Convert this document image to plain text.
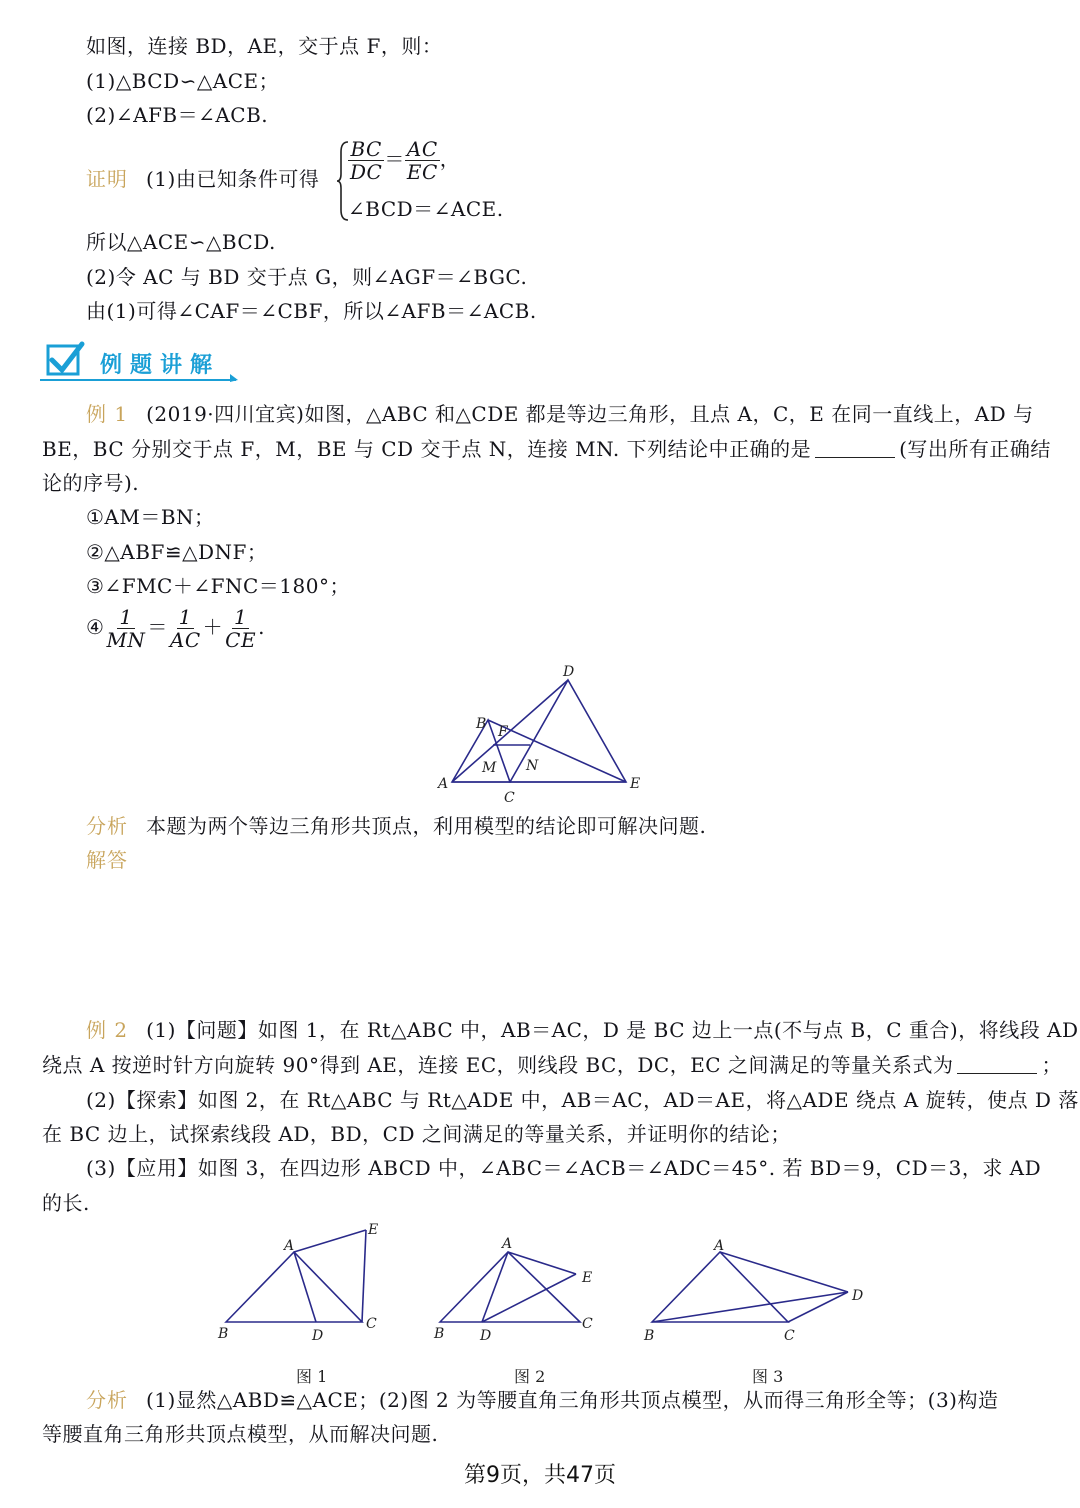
如图，连接 BD，AE，交于点 F，则：
(1)△BCD∽△ACE；
(2)∠AFB＝∠ACB.
证明 (1)由已知条件可得 $\frac{BC}{DC} = \frac{AC}{EC}$ ，
∠BCD＝∠ACE.
所以△ACE∽△BCD.
(2)令 AC 与 BD 交于点 G，则∠AGF＝∠BGC.
由(1)可得∠CAF＝∠CBF，所以∠AFB＝∠ACB.
例题讲解
例 1 (2019·四川宜宾)如图，△ABC 和△CDE 都是等边三角形，且点 A，C，E 在同一直线上，AD 与
BE，BC 分别交于点 F，M，BE 与 CD 交于点 N，连接 MN. 下列结论中正确的是	(写出所有正确结
论的序号).
①AM＝BN；
②△ABF≌△DNF；
③∠FMC＋∠FNC＝180°；
④ $\frac{1}{MN} = \frac{1}{AC} + \frac{1}{CE}$ .
D
B F
M N
A
C
E
分析 本题为两个等边三角形共顶点，利用模型的结论即可解决问题.
解答
例 2 (1)【问题】如图 1，在 Rt△ABC 中，AB＝AC，D 是 BC 边上一点(不与点 B，C 重合)，将线段 AD
绕点 A 按逆时针方向旋转 90°得到 AE，连接 EC，则线段 BC，DC，EC 之间满足的等量关系式为	；
(2)【探索】如图 2，在 Rt△ABC 与 Rt△ADE 中，AB＝AC，AD＝AE，将△ADE 绕点 A 旋转，使点 D 落
在 BC 边上，试探索线段 AD，BD，CD 之间满足的等量关系，并证明你的结论；
(3)【应用】如图 3，在四边形 ABCD 中，∠ABC＝∠ACB＝∠ADC＝45°. 若 BD＝9，CD＝3，求 AD
的长.
A
E
B	D
C
A
E
B	D
C
A
D
B	C
图 1	图 2	图 3
分析 (1)显然△ABD≌△ACE；(2)图 2 为等腰直角三角形共顶点模型，从而得三角形全等；(3)构造
等腰直角三角形共顶点模型，从而解决问题.
第9页，共47页
